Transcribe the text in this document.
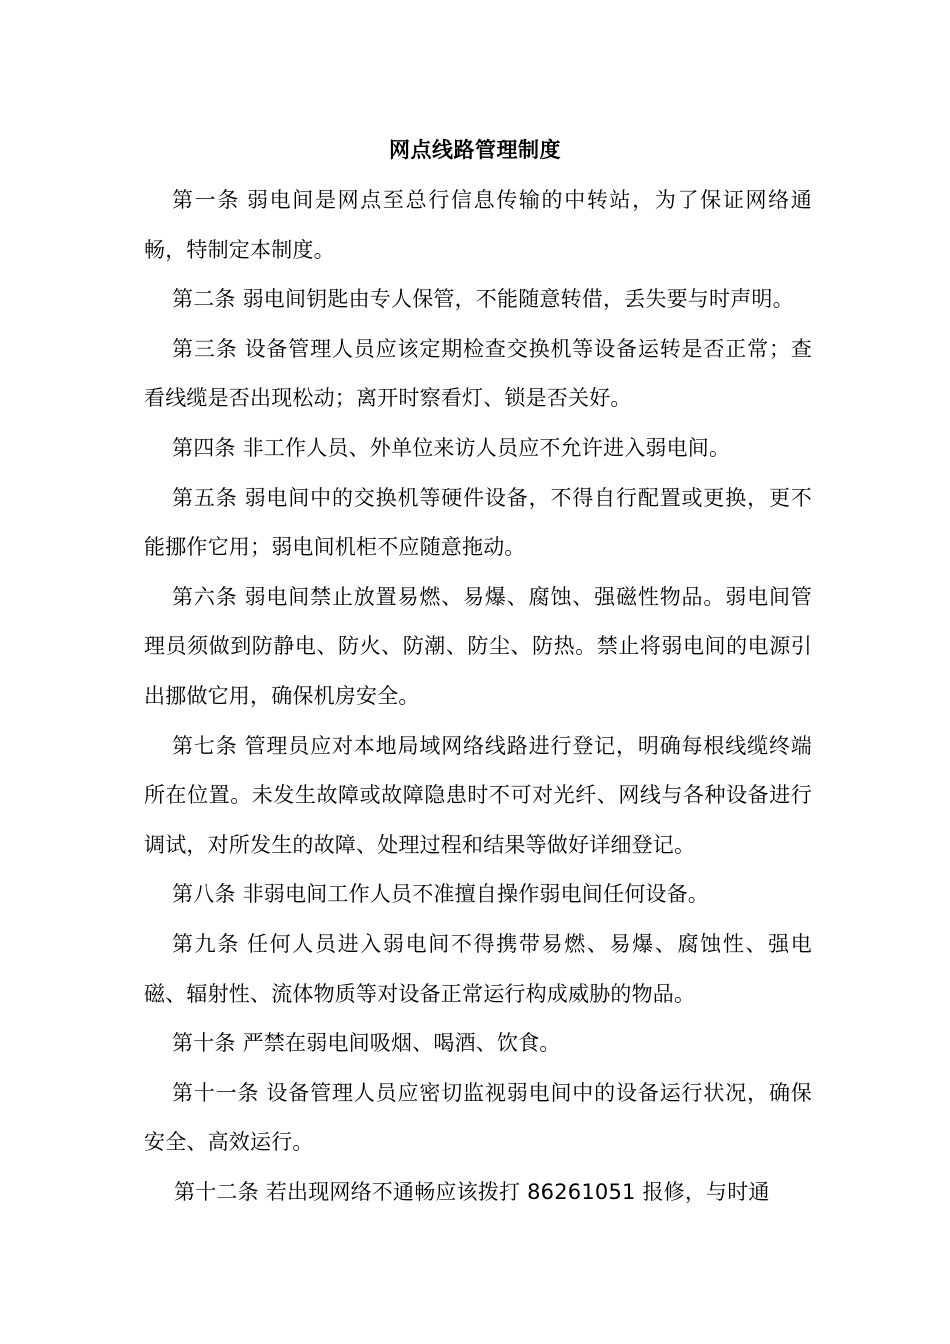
网点线路管理制度

第一条 弱电间是网点至总行信息传输的中转站，为了保证网络通畅，特制定本制度。

第二条 弱电间钥匙由专人保管，不能随意转借，丢失要与时声明。

第三条 设备管理人员应该定期检查交换机等设备运转是否正常；查看线缆是否出现松动；离开时察看灯、锁是否关好。

第四条 非工作人员、外单位来访人员应不允许进入弱电间。

第五条 弱电间中的交换机等硬件设备，不得自行配置或更换，更不能挪作它用；弱电间机柜不应随意拖动。

第六条 弱电间禁止放置易燃、易爆、腐蚀、强磁性物品。弱电间管理员须做到防静电、防火、防潮、防尘、防热。禁止将弱电间的电源引出挪做它用，确保机房安全。

第七条 管理员应对本地局域网络线路进行登记，明确每根线缆终端所在位置。未发生故障或故障隐患时不可对光纤、网线与各种设备进行调试，对所发生的故障、处理过程和结果等做好详细登记。

第八条 非弱电间工作人员不准擅自操作弱电间任何设备。

第九条 任何人员进入弱电间不得携带易燃、易爆、腐蚀性、强电磁、辐射性、流体物质等对设备正常运行构成威胁的物品。

第十条 严禁在弱电间吸烟、喝酒、饮食。

第十一条 设备管理人员应密切监视弱电间中的设备运行状况，确保安全、高效运行。

第十二条 若出现网络不通畅应该拨打 86261051 报修，与时通
